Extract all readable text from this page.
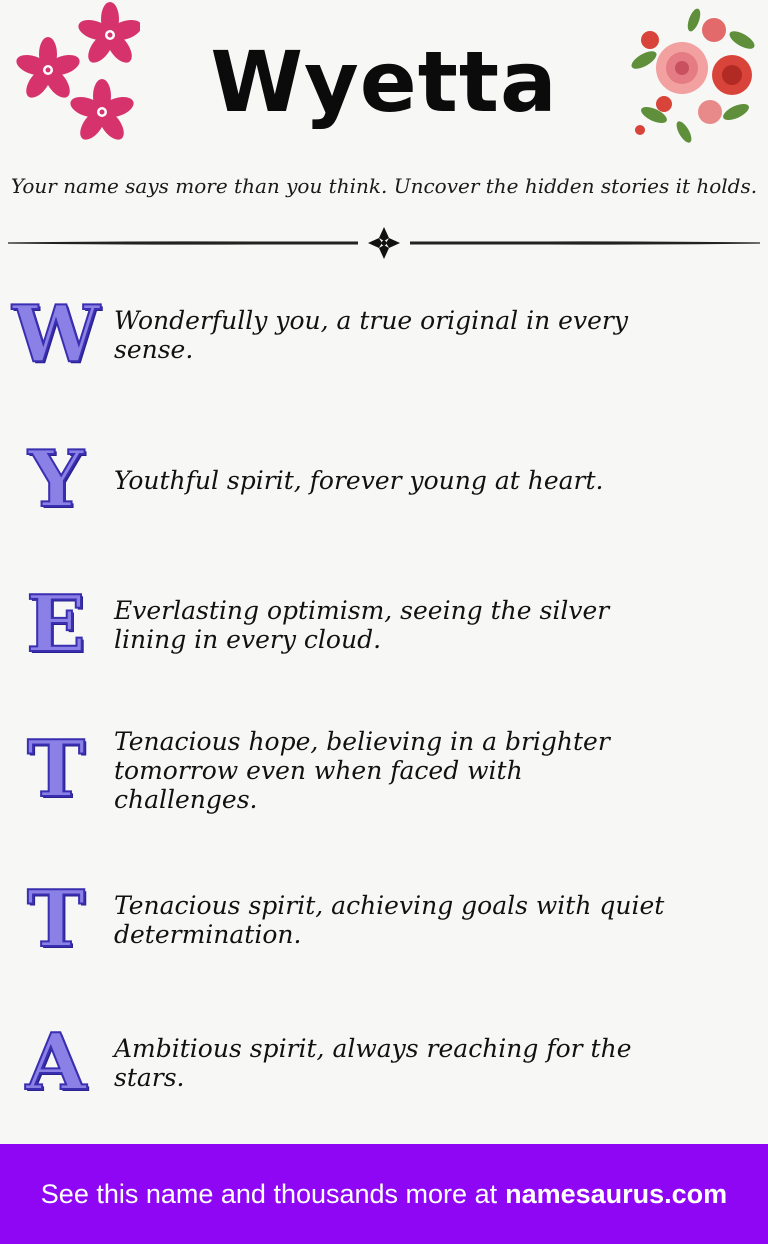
Wyetta
Your name says more than you think. Uncover the hidden stories it holds.
W Wonderfully you, a true original in every sense.
Y	Youthful spirit, forever young at heart.
E	Everlasting optimism, seeing the silver lining in every cloud.
T	Tenacious hope, believing in a brighter tomorrow even when faced with challenges.
T	Tenacious spirit, achieving goals with quiet determination.
A	Ambitious spirit, always reaching for the stars.
See this name and thousands more at namesaurus.com
